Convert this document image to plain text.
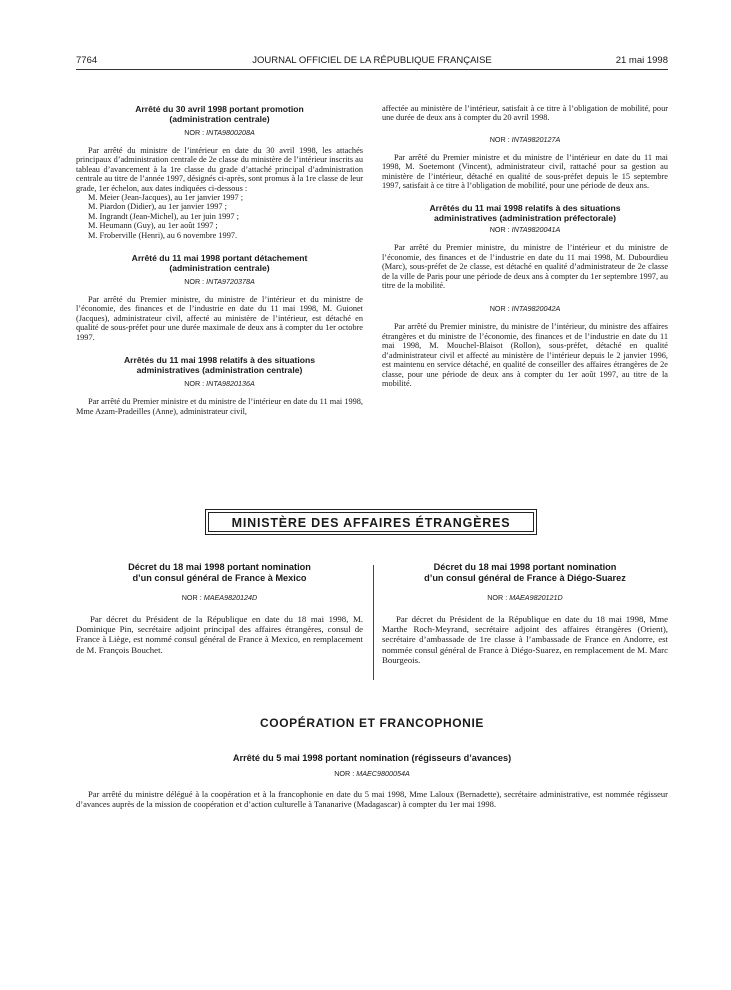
7764	JOURNAL OFFICIEL DE LA RÉPUBLIQUE FRANÇAISE	21 mai 1998

Arrêté du 30 avril 1998 portant promotion

(administration centrale)

NOR : INTA9800208A

Par arrêté du ministre de l’intérieur en date du 30 avril 1998, les attachés principaux d’administration centrale de 2e classe du ministère de l’intérieur inscrits au tableau d’avancement à la 1re classe du grade d’attaché principal d’administration centrale au titre de l’année 1997, désignés ci-après, sont promus à la 1re classe de leur grade, 1er échelon, aux dates indiquées ci-dessous :

M. Meier (Jean-Jacques), au 1er janvier 1997 ;
M. Piardon (Didier), au 1er janvier 1997 ;
M. Ingrandt (Jean-Michel), au 1er juin 1997 ;
M. Heumann (Guy), au 1er août 1997 ;
M. Froberville (Henri), au 6 novembre 1997.

Arrêté du 11 mai 1998 portant détachement

(administration centrale)

NOR : INTA9720378A

Par arrêté du Premier ministre, du ministre de l’intérieur et du ministre de l’économie, des finances et de l’industrie en date du 11 mai 1998, M. Guionet (Jacques), administrateur civil, affecté au ministère de l’intérieur, est détaché en qualité de sous-préfet pour une durée maximale de deux ans à compter du 1er octobre 1997.

Arrêtés du 11 mai 1998 relatifs à des situations

administratives (administration centrale)

NOR : INTA9820136A

Par arrêté du Premier ministre et du ministre de l’intérieur en date du 11 mai 1998, Mme Azam-Pradeilles (Anne), administrateur civil,

affectée au ministère de l’intérieur, satisfait à ce titre à l’obligation de mobilité, pour une durée de deux ans à compter du 20 avril 1998.

NOR : INTA9820127A

Par arrêté du Premier ministre et du ministre de l’intérieur en date du 11 mai 1998, M. Soetemont (Vincent), administrateur civil, rattaché pour sa gestion au ministère de l’intérieur, détaché en qualité de sous-préfet depuis le 15 septembre 1997, satisfait à ce titre à l’obligation de mobilité, pour une période de deux ans.

Arrêtés du 11 mai 1998 relatifs à des situations

administratives (administration préfectorale)

NOR : INTA9820041A

Par arrêté du Premier ministre, du ministre de l’intérieur et du ministre de l’économie, des finances et de l’industrie en date du 11 mai 1998, M. Dubourdieu (Marc), sous-préfet de 2e classe, est détaché en qualité d’administrateur de 2e classe de la ville de Paris pour une période de deux ans à compter du 1er septembre 1997, au titre de la mobilité.

NOR : INTA9820042A

Par arrêté du Premier ministre, du ministre de l’intérieur, du ministre des affaires étrangères et du ministre de l’économie, des finances et de l’industrie en date du 11 mai 1998, M. Mouchel-Blaisot (Rollon), sous-préfet, détaché en qualité d’administrateur civil et affecté au ministère de l’intérieur depuis le 2 janvier 1996, est maintenu en service détaché, en qualité de conseiller des affaires étrangères de 2e classe, pour une période de deux ans à compter du 1er août 1997, au titre de la mobilité.

MINISTÈRE DES AFFAIRES ÉTRANGÈRES

Décret du 18 mai 1998 portant nomination

d’un consul général de France à Mexico

NOR : MAEA9820124D

Par décret du Président de la République en date du 18 mai 1998, M. Dominique Pin, secrétaire adjoint principal des affaires étrangères, consul de France à Liège, est nommé consul général de France à Mexico, en remplacement de M. François Bouchet.

Décret du 18 mai 1998 portant nomination

d’un consul général de France à Diégo-Suarez

NOR : MAEA9820121D

Par décret du Président de la République en date du 18 mai 1998, Mme Marthe Roch-Meyrand, secrétaire adjoint des affaires étrangères (Orient), secrétaire d’ambassade de 1re classe à l’ambassade de France en Andorre, est nommée consul général de France à Diégo-Suarez, en remplacement de M. Marc Bourgeois.

COOPÉRATION ET FRANCOPHONIE

Arrêté du 5 mai 1998 portant nomination (régisseurs d’avances)

NOR : MAEC9800054A

Par arrêté du ministre délégué à la coopération et à la francophonie en date du 5 mai 1998, Mme Laloux (Bernadette), secrétaire administrative, est nommée régisseur d’avances auprès de la mission de coopération et d’action culturelle à Tananarive (Madagascar) à compter du 1er mai 1998.
